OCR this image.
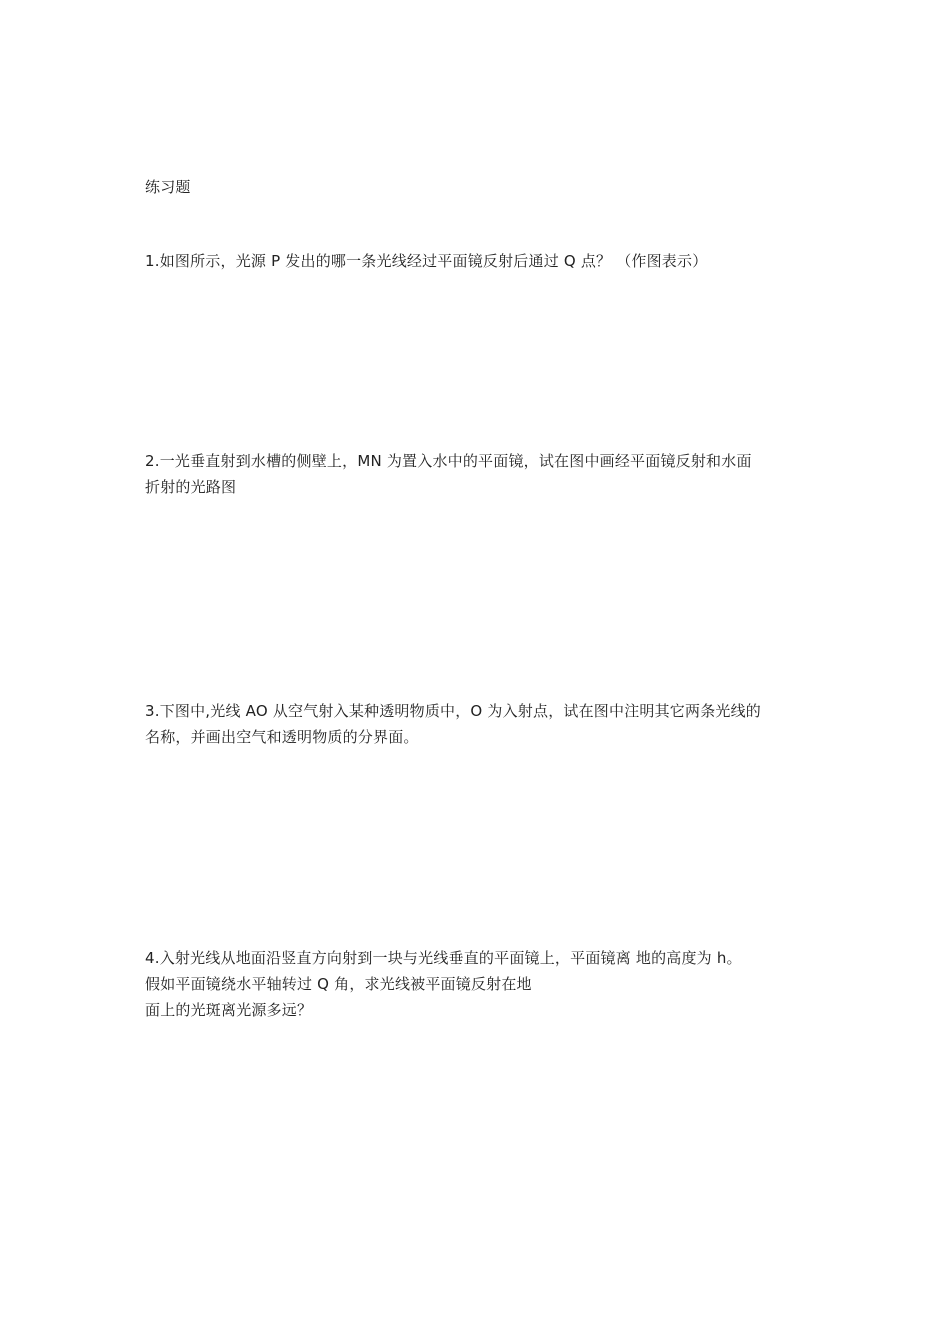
练习题
1.如图所示，光源 P 发出的哪一条光线经过平面镜反射后通过 Q 点？ （作图表示）
2.一光垂直射到水槽的侧壁上，MN 为置入水中的平面镜，试在图中画经平面镜反射和水面
折射的光路图
3.下图中,光线 AO 从空气射入某种透明物质中，O 为入射点，试在图中注明其它两条光线的
名称，并画出空气和透明物质的分界面。
4.入射光线从地面沿竖直方向射到一块与光线垂直的平面镜上，平面镜离 地的高度为 h。
假如平面镜绕水平轴转过 Q 角，求光线被平面镜反射在地
面上的光斑离光源多远？
